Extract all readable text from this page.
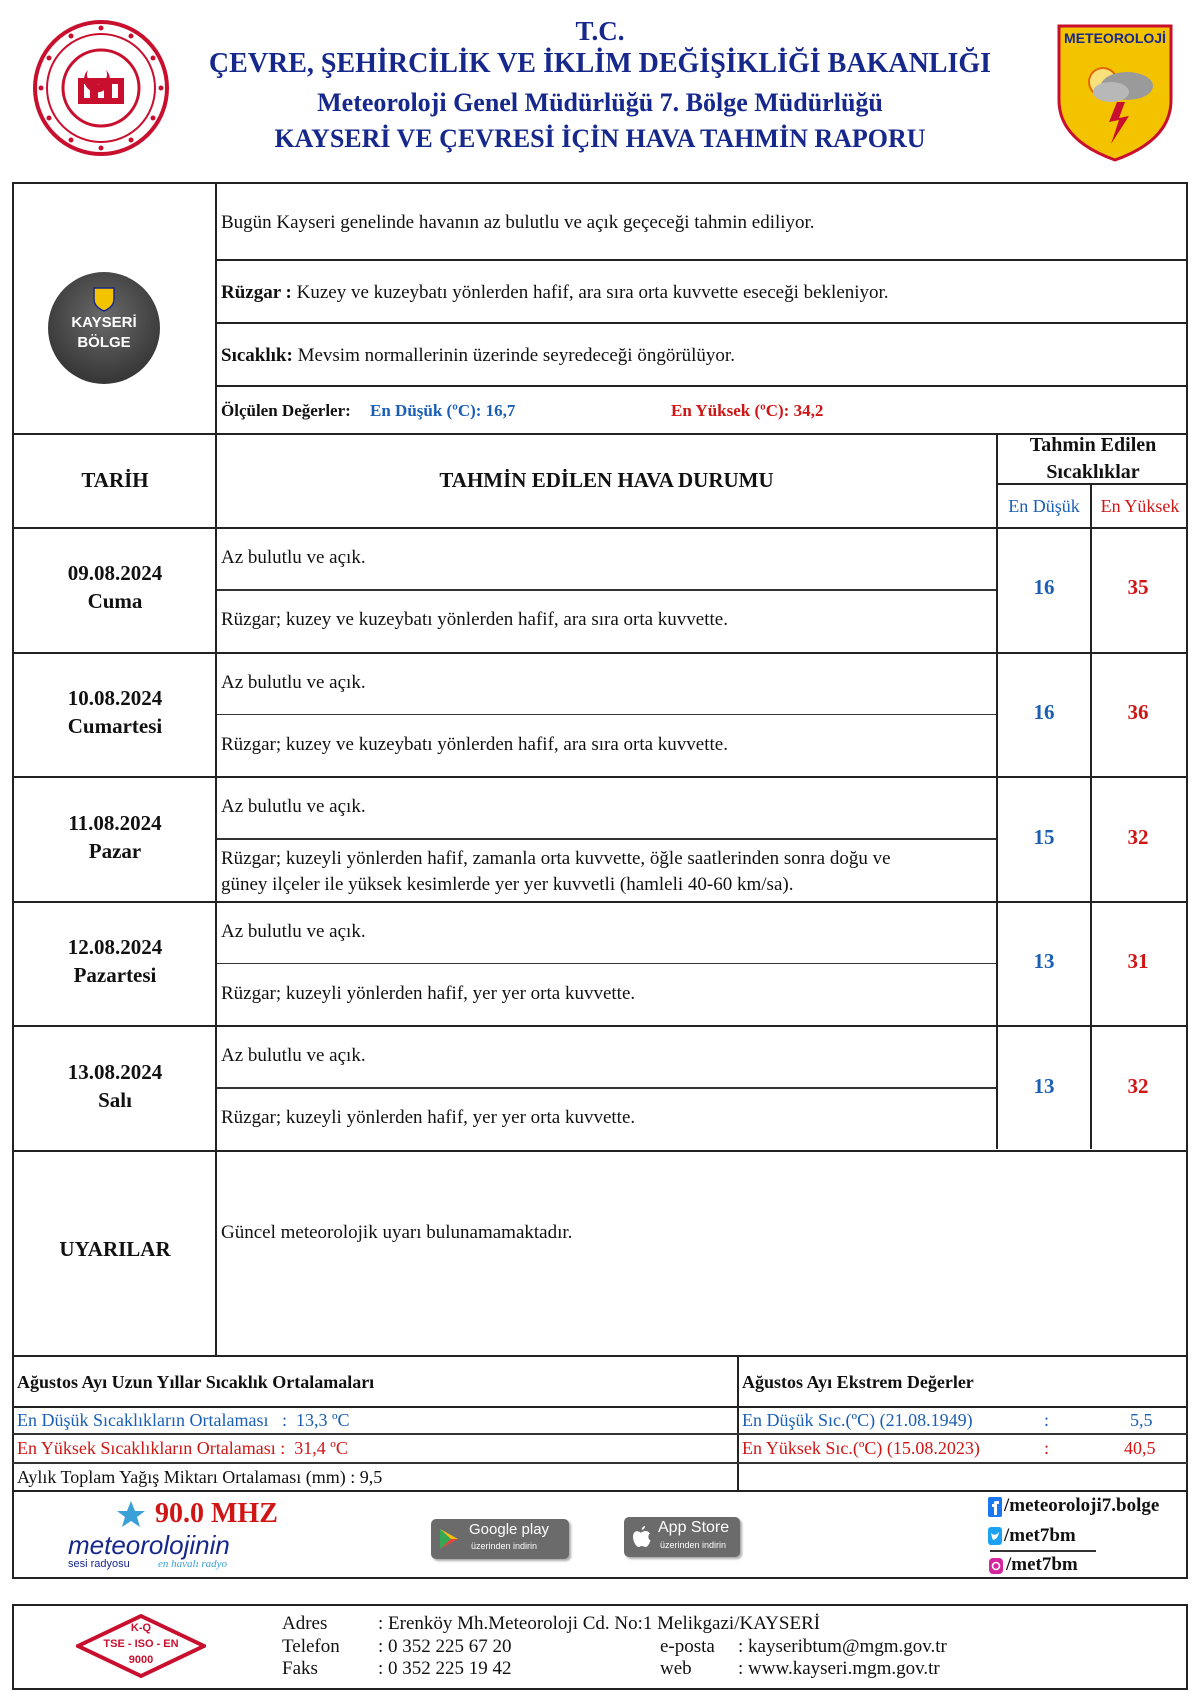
T.C.
ÇEVRE, ŞEHİRCİLİK VE İKLİM DEĞİŞİKLİĞİ BAKANLIĞI
Meteoroloji Genel Müdürlüğü 7. Bölge Müdürlüğü
KAYSERİ VE ÇEVRESİ İÇİN HAVA TAHMİN RAPORU
METEOROLOJİ
KAYSERİ
BÖLGE
Bugün Kayseri genelinde havanın az bulutlu ve açık geçeceği tahmin ediliyor.
Rüzgar : Kuzey ve kuzeybatı yönlerden hafif, ara sıra orta kuvvette eseceği bekleniyor.
Sıcaklık: Mevsim normallerinin üzerinde seyredeceği öngörülüyor.
Ölçülen Değerler: En Düşük (ºC): 16,7	En Yüksek (ºC): 34,2
TARİH	TAHMİN EDİLEN HAVA DURUMU
Tahmin Edilen
Sıcaklıklar
En Düşük	En Yüksek
09.08.2024
Cuma
Az bulutlu ve açık.
Rüzgar; kuzey ve kuzeybatı yönlerden hafif, ara sıra orta kuvvette.
16	35
10.08.2024
Cumartesi
Az bulutlu ve açık.
Rüzgar; kuzey ve kuzeybatı yönlerden hafif, ara sıra orta kuvvette.
16	36
11.08.2024
Pazar
Az bulutlu ve açık.
Rüzgar; kuzeyli yönlerden hafif, zamanla orta kuvvette, öğle saatlerinden sonra doğu ve
güney ilçeler ile yüksek kesimlerde yer yer kuvvetli (hamleli 40-60 km/sa).
15	32
12.08.2024
Pazartesi
Az bulutlu ve açık.
Rüzgar; kuzeyli yönlerden hafif, yer yer orta kuvvette.
13	31
13.08.2024
Salı
Az bulutlu ve açık.
Rüzgar; kuzeyli yönlerden hafif, yer yer orta kuvvette.
13	32
UYARILAR
Güncel meteorolojik uyarı bulunamamaktadır.
Ağustos Ayı Uzun Yıllar Sıcaklık Ortalamaları	Ağustos Ayı Ekstrem Değerler
En Düşük Sıcaklıkların Ortalaması   :  13,3 ºC
En Yüksek Sıcaklıkların Ortalaması :  31,4 ºC
Aylık Toplam Yağış Miktarı Ortalaması (mm) : 9,5
En Düşük Sıc.(ºC) (21.08.1949)	:	5,5
En Yüksek Sıc.(ºC) (15.08.2023)	:	40,5
90.0 MHZ
meteorolojinin
sesi radyosu	en havalı radyo
Google play
üzerinden indirin
App Store
üzerinden indirin
/meteoroloji7.bolge
/met7bm
/met7bm
K-Q
TSE - ISO - EN
9000
Adres	: Erenköy Mh.Meteoroloji Cd. No:1 Melikgazi/KAYSERİ
Telefon : 0 352 225 67 20
Faks	: 0 352 225 19 42
e-posta : kayseribtum@mgm.gov.tr
web : www.kayseri.mgm.gov.tr
